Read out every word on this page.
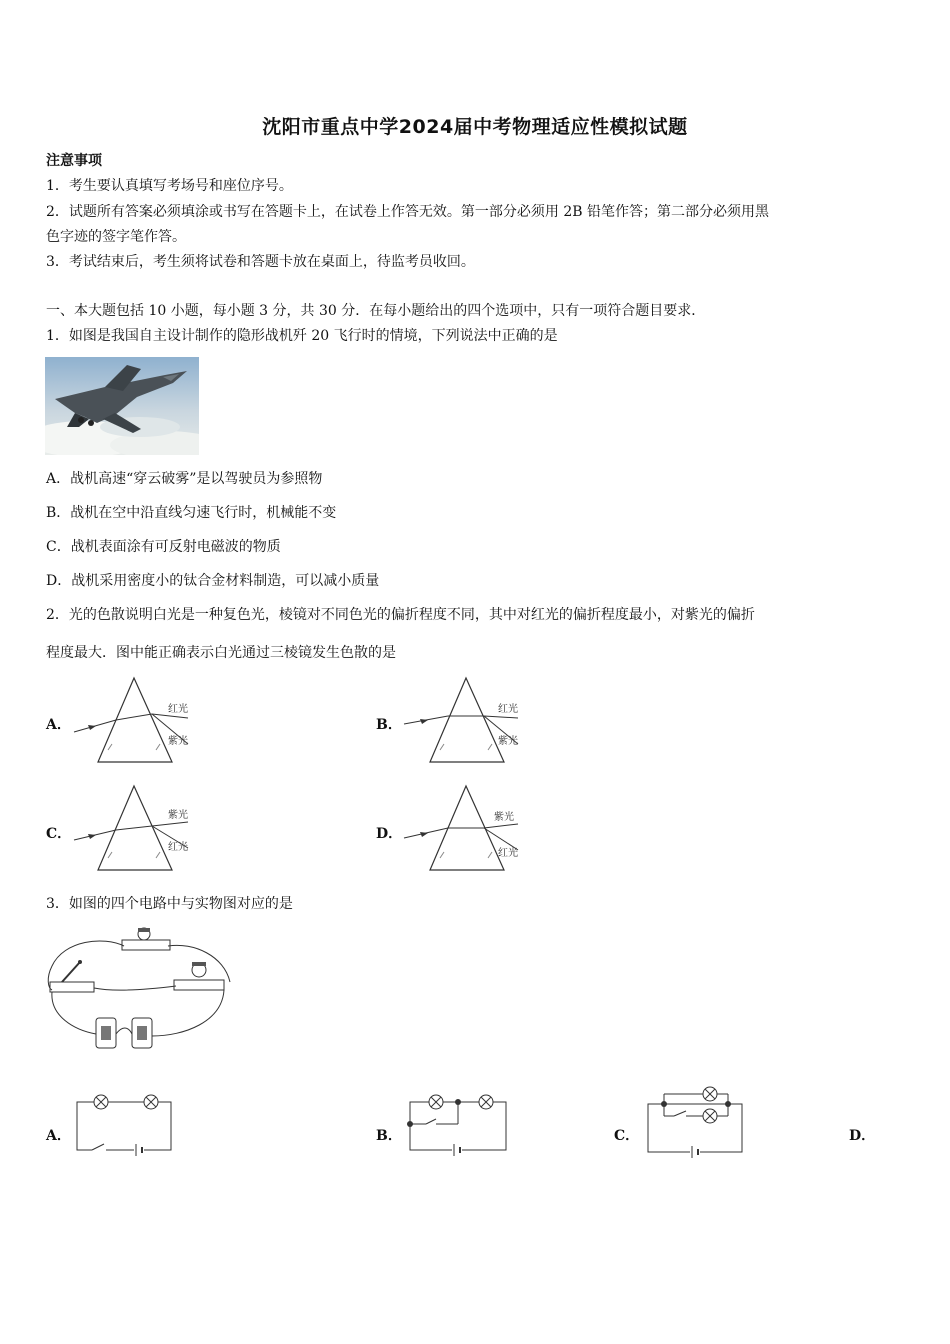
沈阳市重点中学2024届中考物理适应性模拟试题
注意事项
1．考生要认真填写考场号和座位序号。
2．试题所有答案必须填涂或书写在答题卡上，在试卷上作答无效。第一部分必须用 2B 铅笔作答；第二部分必须用黑
色字迹的签字笔作答。
3．考试结束后，考生须将试卷和答题卡放在桌面上，待监考员收回。
一、本大题包括 10 小题，每小题 3 分，共 30 分．在每小题给出的四个选项中，只有一项符合题目要求．
1．如图是我国自主设计制作的隐形战机歼 20 飞行时的情境，下列说法中正确的是
A．战机高速“穿云破雾”是以驾驶员为参照物
B．战机在空中沿直线匀速飞行时，机械能不变
C．战机表面涂有可反射电磁波的物质
D．战机采用密度小的钛合金材料制造，可以减小质量
2．光的色散说明白光是一种复色光，棱镜对不同色光的偏折程度不同，其中对红光的偏折程度最小，对紫光的偏折
程度最大．图中能正确表示白光通过三棱镜发生色散的是
A．
红光
紫光
B．
红光
紫光
C．
紫光
红光
D．
紫光
红光
3．如图的四个电路中与实物图对应的是
A．	B．	C．	D．
